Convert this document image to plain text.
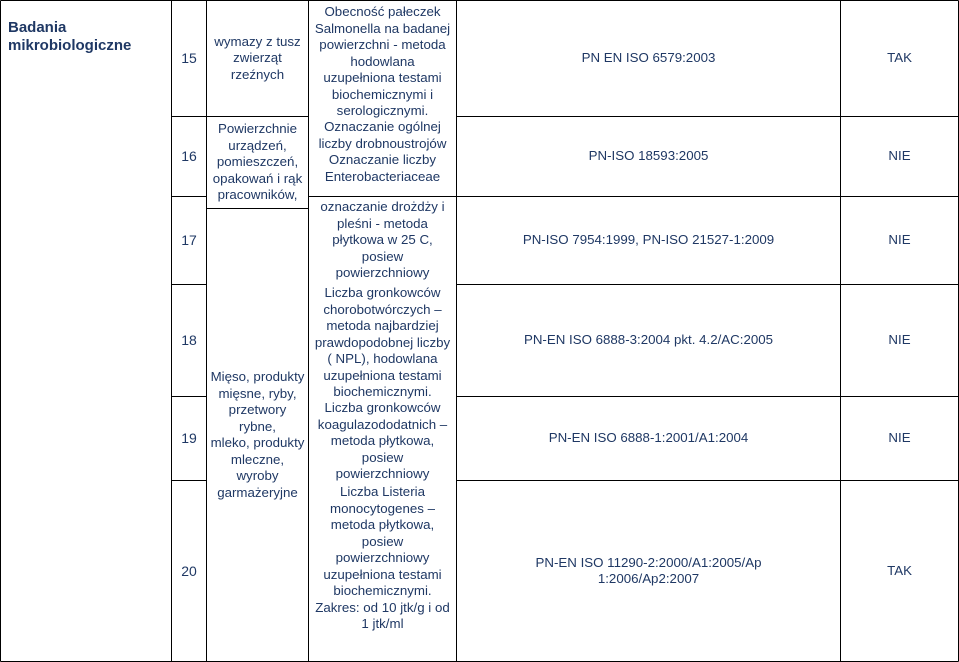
Badania
mikrobiologiczne
15
16
17
18
19
20
wymazy z tusz
zwierząt rzeźnych
Powierzchnie
urządzeń,
pomieszczeń,
opakowań i rąk
pracowników,
Mięso, produkty
mięsne, ryby,
przetwory rybne,
mleko, produkty
mleczne, wyroby
garmażeryjne
Obecność pałeczek
Salmonella na badanej
powierzchni - metoda
hodowlana
uzupełniona testami
biochemicznymi i
serologicznymi.
Oznaczanie ogólnej
liczby drobnoustrojów
Oznaczanie liczby
Enterobacteriaceae
oznaczanie drożdży i
pleśni - metoda
płytkowa w 25 C,
posiew
powierzchniowy
Liczba gronkowców
chorobotwórczych –
metoda najbardziej
prawdopodobnej liczby
( NPL), hodowlana
uzupełniona testami
biochemicznymi.
Liczba gronkowców
koagulazododatnich –
metoda płytkowa,
posiew
powierzchniowy
Liczba Listeria
monocytogenes –
metoda płytkowa,
posiew
powierzchniowy
uzupełniona testami
biochemicznymi.
Zakres: od 10 jtk/g i od
1 jtk/ml
PN EN ISO 6579:2003
PN-ISO 18593:2005
PN-ISO 7954:1999, PN-ISO 21527-1:2009
PN-EN ISO 6888-3:2004 pkt. 4.2/AC:2005
PN-EN ISO 6888-1:2001/A1:2004
PN-EN ISO 11290-2:2000/A1:2005/Ap
1:2006/Ap2:2007
TAK
NIE
NIE
NIE
NIE
TAK
